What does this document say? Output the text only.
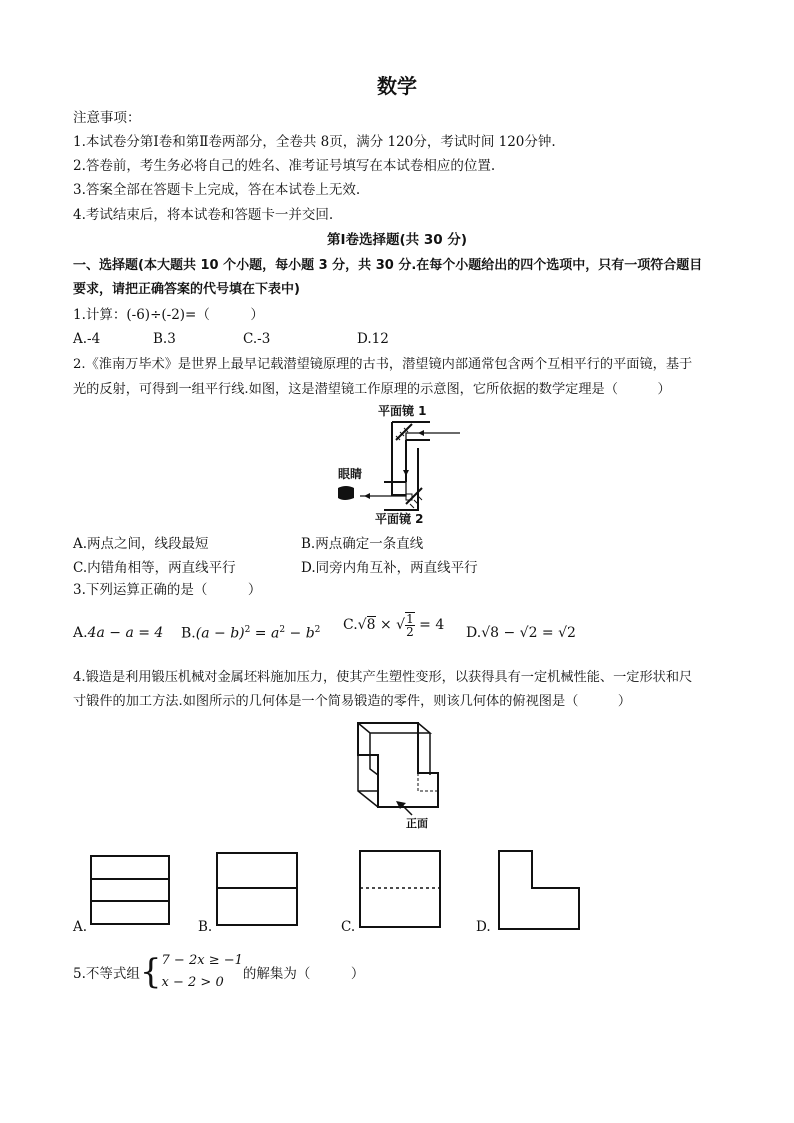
数学
注意事项：
1.本试卷分第Ⅰ卷和第Ⅱ卷两部分，全卷共 8页，满分 120分，考试时间 120分钟.
2.答卷前，考生务必将自己的姓名、准考证号填写在本试卷相应的位置.
3.答案全部在答题卡上完成，答在本试卷上无效.
4.考试结束后，将本试卷和答题卡一并交回.
第Ⅰ卷选择题(共 30 分)
一、选择题(本大题共 10 个小题，每小题 3 分，共 30 分.在每个小题给出的四个选项中，只有一项符合题目
要求，请把正确答案的代号填在下表中)
1.计算：(-6)÷(-2)=（　　　）
A.-4	B.3	C.-3	D.12
2.《淮南万毕术》是世界上最早记载潜望镜原理的古书，潜望镜内部通常包含两个互相平行的平面镜，基于
光的反射，可得到一组平行线.如图，这是潜望镜工作原理的示意图，它所依据的数学定理是（　　　）
平面镜 1
平面镜 2
眼睛
A.两点之间，线段最短	B.两点确定一条直线
C.内错角相等，两直线平行	D.同旁内角互补，两直线平行
3.下列运算正确的是（　　　）
A.4a − a = 4 $B.(a - b)^2 = a^2 - b^2$ C.√8 × √ $\frac{1}{2} = 4$ D.√8 − √2 = √2
4.锻造是利用锻压机械对金属坯料施加压力，使其产生塑性变形，以获得具有一定机械性能、一定形状和尺
寸锻件的加工方法.如图所示的几何体是一个简易锻造的零件，则该几何体的俯视图是（　　　）
正面
A.	B.	C.	D.
5.不等式组{ 7 − 2x ≥ −1
x − 2 > 0
的解集为（　　　）
